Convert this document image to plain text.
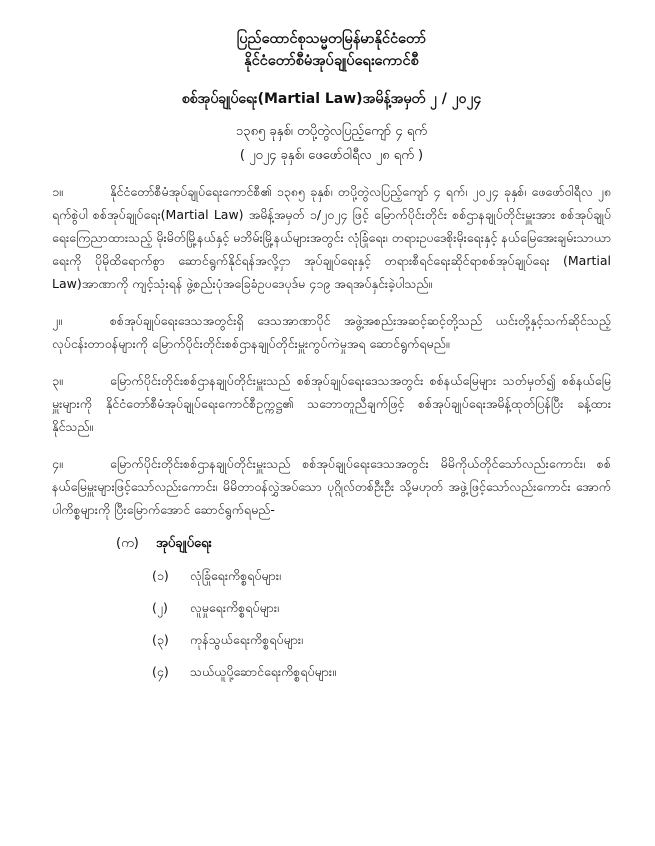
ပြည်ထောင်စုသမ္မတမြန်မာနိုင်ငံတော်
နိုင်ငံတော်စီမံအုပ်ချုပ်ရေးကောင်စီ
စစ်အုပ်ချုပ်ရေး(Martial Law)အမိန့်အမှတ် ၂ / ၂၀၂၄
၁၃၈၅ ခုနှစ်၊ တပို့တွဲလပြည့်ကျော် ၄ ရက်
( ၂၀၂၄ ခုနှစ်၊ ဖေဖော်ဝါရီလ ၂၈ ရက် )
၁။	နိုင်ငံတော်စီမံအုပ်ချုပ်ရေးကောင်စီ၏ ၁၃၈၅ ခုနှစ်၊ တပို့တွဲလပြည့်ကျော် ၄ ရက်၊ ၂၀၂၄ ခုနှစ်၊ ဖေဖော်ဝါရီလ ၂၈ ရက်စွဲပါ စစ်အုပ်ချုပ်ရေး(Martial Law) အမိန့်အမှတ် ၁/၂၀၂၄ ဖြင့် မြောက်ပိုင်းတိုင်း စစ်ဌာနချုပ်တိုင်းမှူးအား စစ်အုပ်ချုပ်ရေးကြေညာထားသည့် မိုးမိတ်မြို့နယ်နှင့် မဘိမ်းမြို့နယ်များအတွင်း လုံခြုံရေး၊ တရားဥပဒေစိုးမိုးရေးနှင့် နယ်မြေအေးချမ်းသာယာရေးကို ပိုမိုထိရောက်စွာ ဆောင်ရွက်နိုင်ရန်အလို့ငှာ အုပ်ချုပ်ရေးနှင့် တရားစီရင်ရေးဆိုင်ရာစစ်အုပ်ချုပ်ရေး (Martial Law)အာဏာကို ကျင့်သုံးရန် ဖွဲ့စည်းပုံအခြေခံဥပဒေပုဒ်မ ၄၁၉ အရအပ်နှင်းခဲ့ပါသည်။
၂။	စစ်အုပ်ချုပ်ရေးဒေသအတွင်းရှိ ဒေသအာဏာပိုင် အဖွဲ့အစည်းအဆင့်ဆင့်တို့သည် ယင်းတို့နှင့်သက်ဆိုင်သည့်လုပ်ငန်းတာဝန်များကို မြောက်ပိုင်းတိုင်းစစ်ဌာနချုပ်တိုင်းမှူးကွပ်ကဲမှုအရ ဆောင်ရွက်ရမည်။
၃။	မြောက်ပိုင်းတိုင်းစစ်ဌာနချုပ်တိုင်းမှူးသည် စစ်အုပ်ချုပ်ရေးဒေသအတွင်း စစ်နယ်မြေများ သတ်မှတ်၍ စစ်နယ်မြေမှူးများကို နိုင်ငံတော်စီမံအုပ်ချုပ်ရေးကောင်စီဥက္ကဋ္ဌ၏ သဘောတူညီချက်ဖြင့် စစ်အုပ်ချုပ်ရေးအမိန့်ထုတ်ပြန်ပြီး ခန့်ထားနိုင်သည်။
၄။	မြောက်ပိုင်းတိုင်းစစ်ဌာနချုပ်တိုင်းမှူးသည် စစ်အုပ်ချုပ်ရေးဒေသအတွင်း မိမိကိုယ်တိုင်သော်လည်းကောင်း၊ စစ်နယ်မြေမှူးများဖြင့်သော်လည်းကောင်း၊ မိမိတာဝန်လွှဲအပ်သော ပုဂ္ဂိုလ်တစ်ဦးဦး သို့မဟုတ် အဖွဲ့ဖြင့်သော်လည်းကောင်း အောက်ပါကိစ္စများကို ပြီးမြောက်အောင် ဆောင်ရွက်ရမည်-
(က) အုပ်ချုပ်ရေး
(၁) လုံခြုံရေးကိစ္စရပ်များ၊
(၂) လူမှုရေးကိစ္စရပ်များ၊
(၃) ကုန်သွယ်ရေးကိစ္စရပ်များ၊
(၄) သယ်ယူပို့ဆောင်ရေးကိစ္စရပ်များ။
